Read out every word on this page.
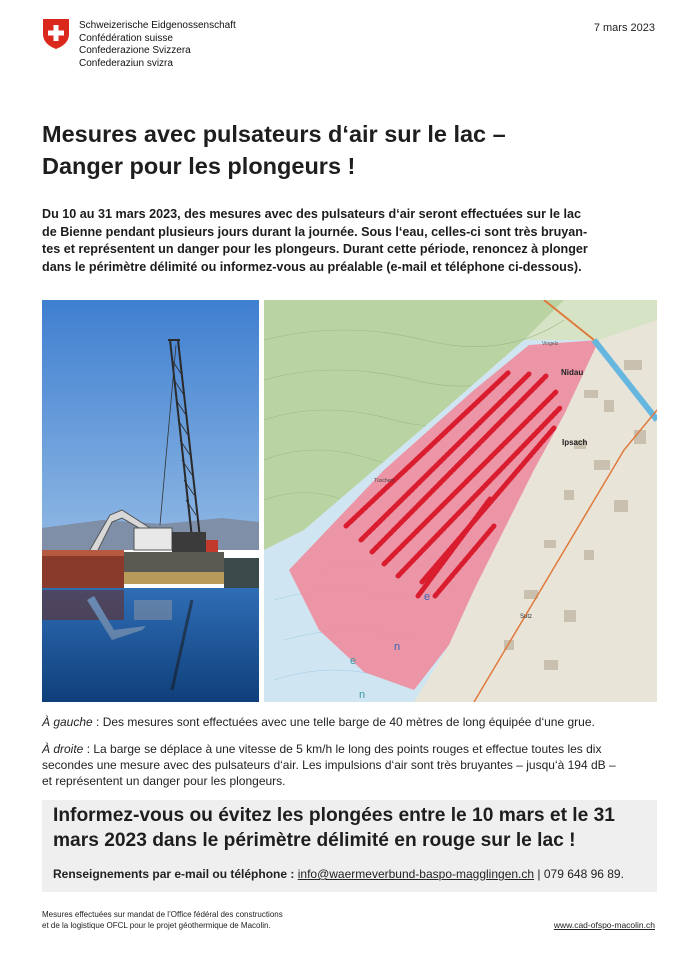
Schweizerische Eidgenossenschaft
Confédération suisse
Confederazione Svizzera
Confederaziun svizra
7 mars 2023
Mesures avec pulsateurs d‘air sur le lac –
Danger pour les plongeurs !

Du 10 au 31 mars 2023, des mesures avec des pulsateurs d‘air seront effectuées sur le lac
de Bienne pendant plusieurs jours durant la journée. Sous l‘eau, celles-ci sont très bruyan-
tes et représentent un danger pour les plongeurs. Durant cette période, renoncez à plonger
dans le périmètre délimité ou informez-vous au préalable (e-mail et téléphone ci-dessous).

Nidau
Ipsach
Vingelz
Sutz
Tüscherz
e
n
e
n

À gauche : Des mesures sont effectuées avec une telle barge de 40 mètres de long équipée d‘une grue.

À droite : La barge se déplace à une vitesse de 5 km/h le long des points rouges et effectue toutes les dix
secondes une mesure avec des pulsateurs d‘air. Les impulsions d‘air sont très bruyantes – jusqu‘à 194 dB –
et représentent un danger pour les plongeurs.

Informez-vous ou évitez les plongées entre le 10 mars et le 31
mars 2023 dans le périmètre délimité en rouge sur le lac !
Renseignements par e-mail ou téléphone : info@waermeverbund-baspo-magglingen.ch | 079 648 96 89.
Mesures effectuées sur mandat de l’Office fédéral des constructions
et de la logistique OFCL pour le projet géothermique de Macolin.	www.cad-ofspo-macolin.ch
